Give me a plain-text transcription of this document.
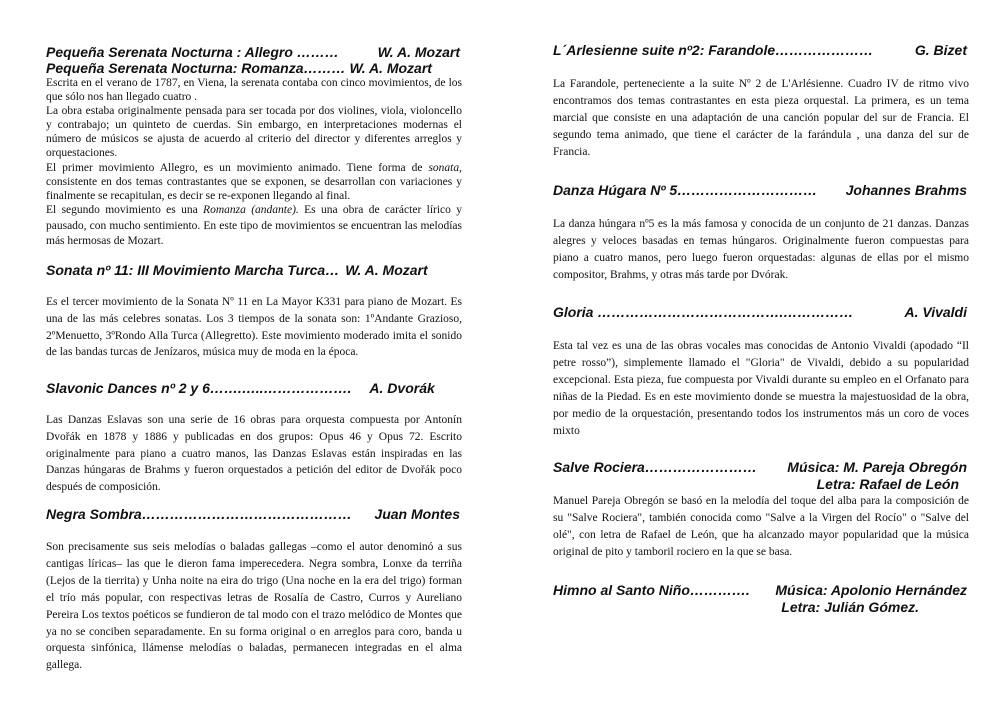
Pequeña Serenata Nocturna : Allegro ………	W. A. Mozart
Pequeña Serenata Nocturna: Romanza……… W. A. Mozart

Escrita en el verano de 1787, en Viena, la serenata contaba con cinco movimientos, de los que sólo nos han llegado cuatro .

La obra estaba originalmente pensada para ser tocada por dos violines, viola, violoncello y contrabajo; un quinteto de cuerdas. Sin embargo, en interpretaciones modernas el número de músicos se ajusta de acuerdo al criterio del director y diferentes arreglos y orquestaciones.

El primer movimiento Allegro, es un movimiento animado. Tiene forma de sonata, consistente en dos temas contrastantes que se exponen, se desarrollan con variaciones y finalmente se recapitulan, es decir se re-exponen llegando al final.

El segundo movimiento es una Romanza (andante). Es una obra de carácter lírico y pausado, con mucho sentimiento. En este tipo de movimientos se encuentran las melodías más hermosas de Mozart.

Sonata nº 11: III Movimiento Marcha Turca… W. A. Mozart

Es el tercer movimiento de la Sonata Nº 11 en La Mayor K331 para piano de Mozart. Es una de las más celebres sonatas. Los 3 tiempos de la sonata son: 1ºAndante Grazioso, 2ºMenuetto, 3ºRondo Alla Turca (Allegretto). Este movimiento moderado imita el sonido de las bandas turcas de Jenízaros, música muy de moda en la época.

Slavonic Dances nº 2 y 6…….…..……………….	A. Dvorák

Las Danzas Eslavas son una serie de 16 obras para orquesta compuesta por Antonín Dvořák en 1878 y 1886 y publicadas en dos grupos: Opus 46 y Opus 72. Escrito originalmente para piano a cuatro manos, las Danzas Eslavas están inspiradas en las Danzas húngaras de Brahms y fueron orquestados a petición del editor de Dvořák poco después de composición.

Negra Sombra……………………………………… Juan Montes

Son precisamente sus seis melodías o baladas gallegas –como el autor denominó a sus cantigas líricas– las que le dieron fama imperecedera. Negra sombra, Lonxe da terriña (Lejos de la tierrita) y Unha noite na eira do trigo (Una noche en la era del trigo) forman el trío más popular, con respectivas letras de Rosalía de Castro, Curros y Aureliano Pereira Los textos poéticos se fundieron de tal modo con el trazo melódico de Montes que ya no se conciben separadamente. En su forma original o en arreglos para coro, banda u orquesta sinfónica, llámense melodías o baladas, permanecen integradas en el alma gallega.

L´Arlesienne suite nº2: Farandole…………………	G. Bizet

La Farandole, perteneciente a la suite Nº 2 de L'Arlésienne. Cuadro IV de ritmo vivo encontramos dos temas contrastantes en esta pieza orquestal. La primera, es un tema marcial que consiste en una adaptación de una canción popular del sur de Francia. El segundo tema animado, que tiene el carácter de la farándula , una danza del sur de Francia.

Danza Húgara Nº 5………………………… Johannes Brahms

La danza húngara nº5 es la más famosa y conocida de un conjunto de 21 danzas. Danzas alegres y veloces basadas en temas húngaros. Originalmente fueron compuestas para piano a cuatro manos, pero luego fueron orquestadas: algunas de ellas por el mismo compositor, Brahms, y otras más tarde por Dvórak.

Gloria ………………………………….……………	A. Vivaldi

Esta tal vez es una de las obras vocales mas conocidas de Antonio Vivaldi (apodado “Il petre rosso”), simplemente llamado el "Gloria" de Vivaldi, debido a su popularidad excepcional. Esta pieza, fue compuesta por Vivaldi durante su empleo en el Orfanato para niñas de la Piedad. Es en este movimiento donde se muestra la majestuosidad de la obra, por medio de la orquestación, presentando todos los instrumentos más un coro de voces mixto

Salve Rociera…………………… Música: M. Pareja Obregón
Letra: Rafael de León

Manuel Pareja Obregón se basó en la melodía del toque del alba para la composición de su "Salve Rociera", también conocida como "Salve a la Virgen del Rocío" o "Salve del olé", con letra de Rafael de León, que ha alcanzado mayor popularidad que la música original de pito y tamboril rociero en la que se basa.

Himno al Santo Niño…………. Música: Apolonio Hernández
Letra: Julián Gómez.
